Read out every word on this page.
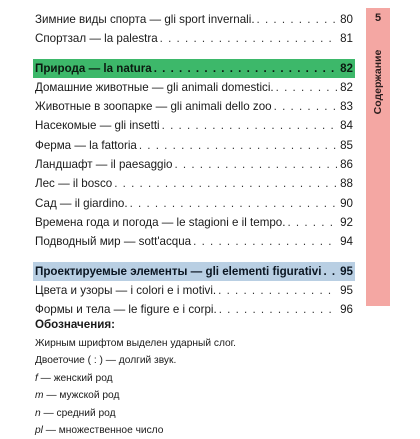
Зимние виды спорта — gli sport invernali. . . .	80
Спортзал — la palestra . . .	81
Природа — la natura . . .	82
Домашние животные — gli animali domestici. . . .	82
Животные в зоопарке — gli animali dello zoo . . .	83
Насекомые — gli insetti . . .	84
Ферма — la fattoria . . .	85
Ландшафт — il paesaggio . . .	86
Лес — il bosco . . .	88
Сад — il giardino. . . .	90
Времена года и погода — le stagioni e il tempo. . . .	92
Подводный мир — sott'acqua . . .	94
Проектируемые элементы — gli elementi figurativi . . . 95
Цвета и узоры — i colori e i motivi. . . .	95
Формы и тела — le figure e i corpi. . . .	96
5
Содержание
Обозначения:
Жирным шрифтом выделен ударный слог.
Двоеточие ( : ) — долгий звук.
f — женский род
m — мужской род
n — средний род
pl — множественное число
